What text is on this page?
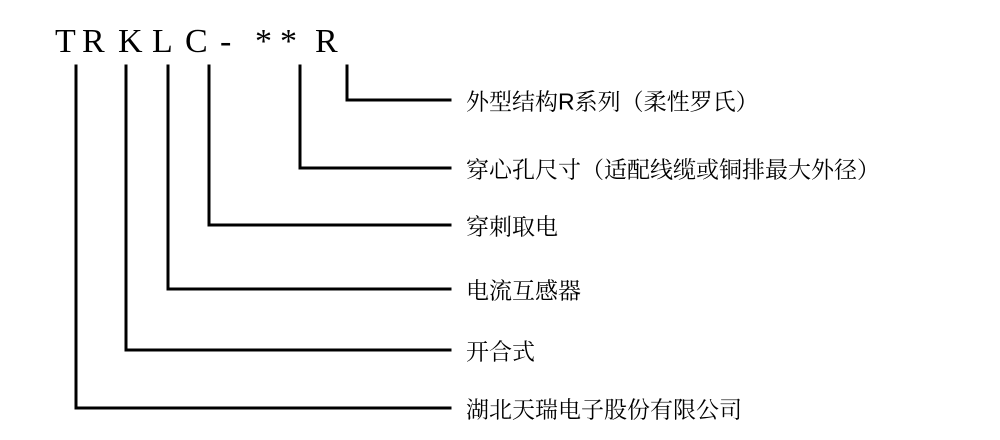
T R K L C - * * R
外型结构R系列（柔性罗氏）
穿心孔尺寸（适配线缆或铜排最大外径）
穿刺取电
电流互感器
开合式
湖北天瑞电子股份有限公司
